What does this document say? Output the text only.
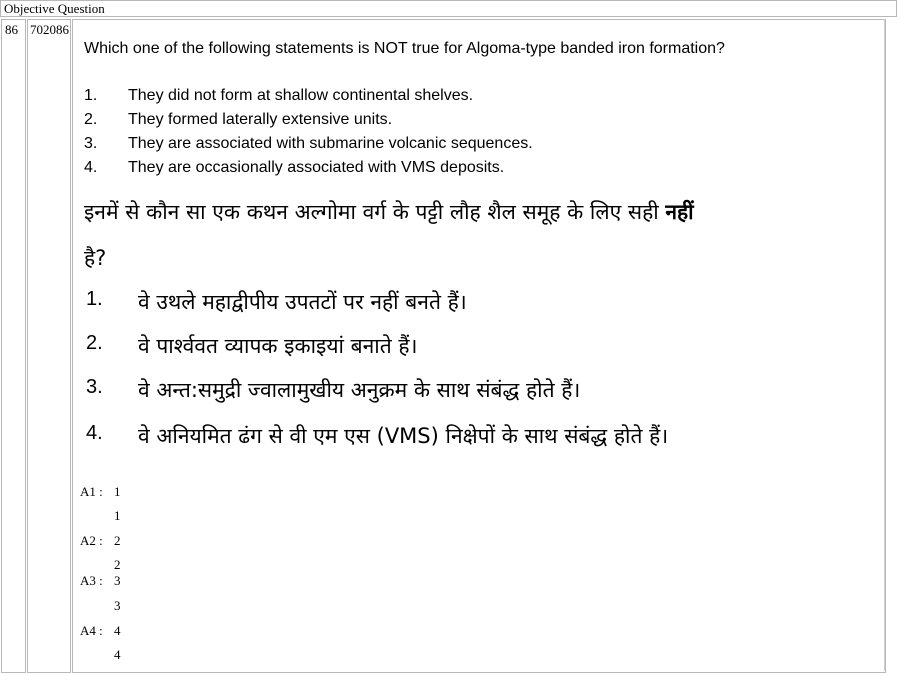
Objective Question
86 702086
Which one of the following statements is NOT true for Algoma-type banded iron formation?
1. They did not form at shallow continental shelves.
2. They formed laterally extensive units.
3. They are associated with submarine volcanic sequences.
4. They are occasionally associated with VMS deposits.
इनमें से कौन सा एक कथन अल्गोमा वर्ग के पट्टी लौह शैल समूह के लिए सही नहीं
है?
1. वे उथले महाद्वीपीय उपतटों पर नहीं बनते हैं।
2. वे पार्श्ववत व्यापक इकाइयां बनाते हैं।
3. वे अन्त:समुद्री ज्वालामुखीय अनुक्रम के साथ संबंद्ध होते हैं।
4. वे अनियमित ढंग से वी एम एस (VMS) निक्षेपों के साथ संबंद्ध होते हैं।
A1 : 1
1
A2 : 2
2
A3 : 3
3
A4 : 4
4
